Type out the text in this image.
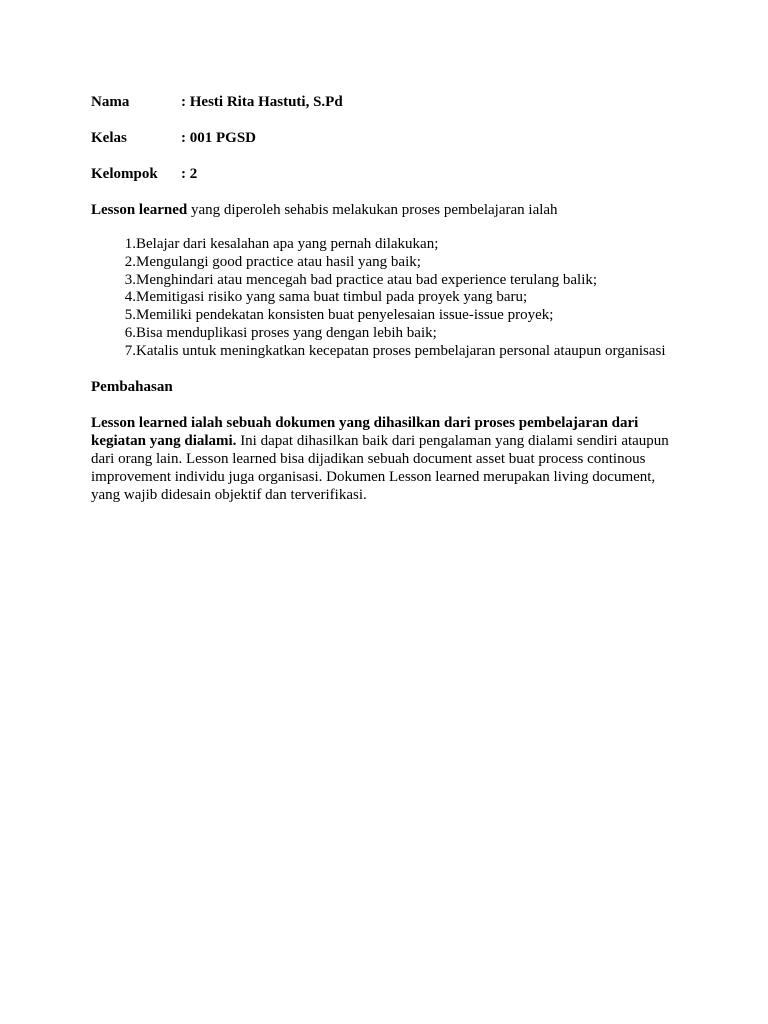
Nama	: Hesti Rita Hastuti, S.Pd
Kelas	: 001 PGSD
Kelompok	: 2

Lesson learned yang diperoleh sehabis melakukan proses pembelajaran ialah

1. Belajar dari kesalahan apa yang pernah dilakukan;
2. Mengulangi good practice atau hasil yang baik;
3. Menghindari atau mencegah bad practice atau bad experience terulang balik;
4. Memitigasi risiko yang sama buat timbul pada proyek yang baru;
5. Memiliki pendekatan konsisten buat penyelesaian issue-issue proyek;
6. Bisa menduplikasi proses yang dengan lebih baik;
7. Katalis untuk meningkatkan kecepatan proses pembelajaran personal ataupun organisasi
Pembahasan

Lesson learned ialah sebuah dokumen yang dihasilkan dari proses pembelajaran dari kegiatan yang dialami. Ini dapat dihasilkan baik dari pengalaman yang dialami sendiri ataupun dari orang lain. Lesson learned bisa dijadikan sebuah document asset buat process continous improvement individu juga organisasi. Dokumen Lesson learned merupakan living document, yang wajib didesain objektif dan terverifikasi.
